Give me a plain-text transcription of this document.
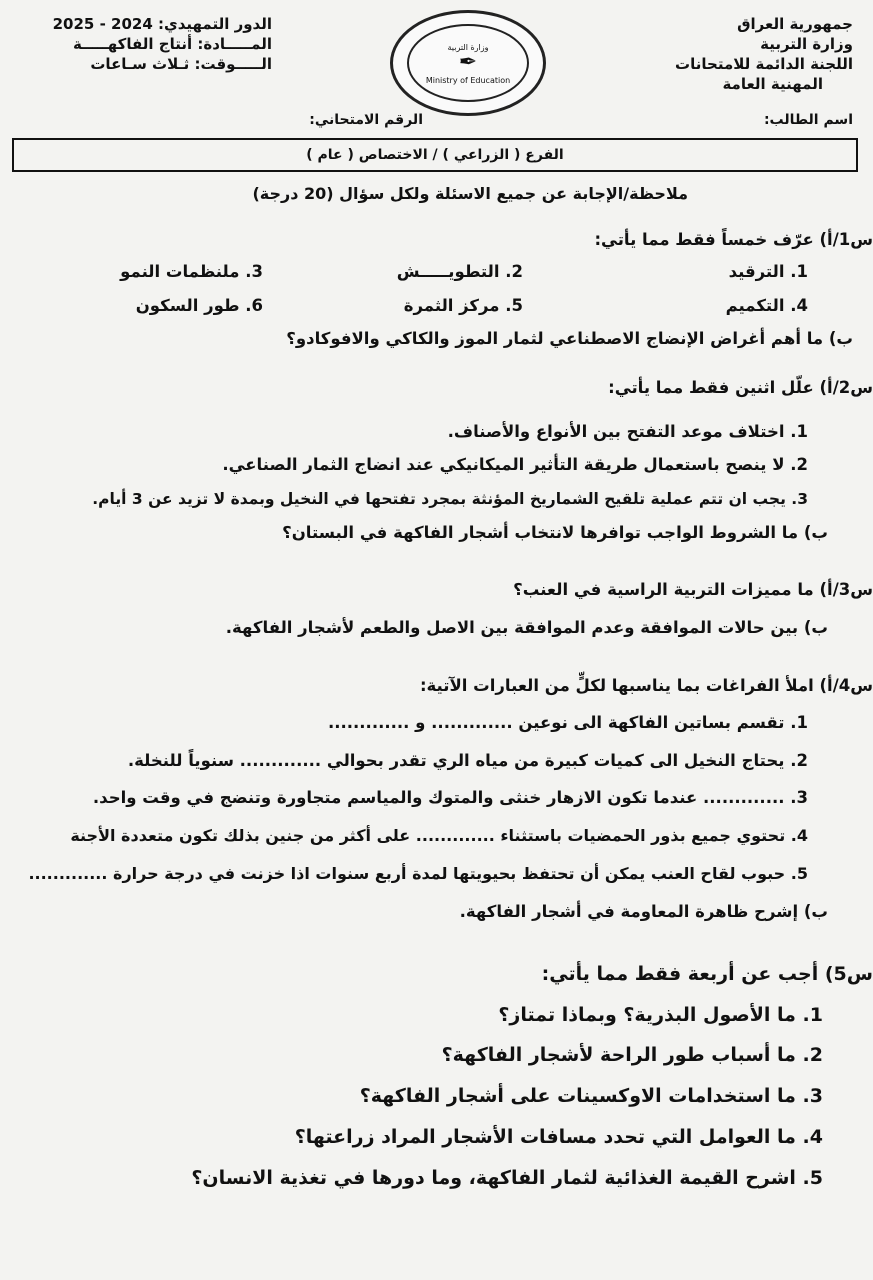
جمهورية العراق
وزارة التربية
اللجنة الدائمة للامتحانات
المهنية العامة
وزارة التربية
✒
Ministry of Education
الدور التمهيدي: 2024 - 2025
المـــــادة: أنتاج الفاكهـــــة
الـــــوقت: ثـلاث سـاعات
اسم الطالب:
الرقم الامتحاني:
الفرع ( الزراعي ) / الاختصاص ( عام )
ملاحظة/الإجابة عن جميع الاسئلة ولكل سؤال (20 درجة)
س1/أ) عرّف خمساً فقط مما يأتي:
1. الترقيد
2. التطويـــــش
3. ملنظمات النمو
4. التكميم
5. مركز الثمرة
6. طور السكون
ب) ما أهم أغراض الإنضاج الاصطناعي لثمار الموز والكاكي والافوكادو؟
س2/أ) علّل اثنين فقط مما يأتي:
1. اختلاف موعد التفتح بين الأنواع والأصناف.
2. لا ينصح باستعمال طريقة التأثير الميكانيكي عند انضاج الثمار الصناعي.
3. يجب ان تتم عملية تلقيح الشماريخ المؤنثة بمجرد تفتحها في النخيل وبمدة لا تزيد عن 3 أيام.
ب) ما الشروط الواجب توافرها لانتخاب أشجار الفاكهة في البستان؟
س3/أ) ما مميزات التربية الراسية في العنب؟
ب) بين حالات الموافقة وعدم الموافقة بين الاصل والطعم لأشجار الفاكهة.
س4/أ) املأ الفراغات بما يناسبها لكلٍّ من العبارات الآتية:
1. تقسم بساتين الفاكهة الى نوعين ............. و .............
2. يحتاج النخيل الى كميات كبيرة من مياه الري تقدر بحوالي ............. سنوياً للنخلة.
3. ............. عندما تكون الازهار خنثى والمتوك والمياسم متجاورة وتنضج في وقت واحد.
4. تحتوي جميع بذور الحمضيات باستثناء ............. على أكثر من جنين بذلك تكون متعددة الأجنة
5. حبوب لقاح العنب يمكن أن تحتفظ بحيويتها لمدة أربع سنوات اذا خزنت في درجة حرارة .............
ب) إشرح ظاهرة المعاومة في أشجار الفاكهة.
س5) أجب عن أربعة فقط مما يأتي:
1. ما الأصول البذرية؟ وبماذا تمتاز؟
2. ما أسباب طور الراحة لأشجار الفاكهة؟
3. ما استخدامات الاوكسينات على أشجار الفاكهة؟
4. ما العوامل التي تحدد مسافات الأشجار المراد زراعتها؟
5. اشرح القيمة الغذائية لثمار الفاكهة، وما دورها في تغذية الانسان؟
